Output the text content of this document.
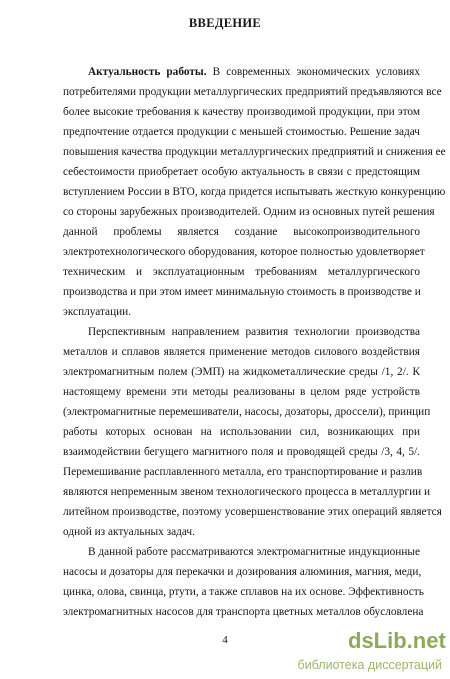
ВВЕДЕНИЕ
Актуальность работы. В современных экономических условиях
потребителями продукции металлургических предприятий предъявляются все
более высокие требования к качеству производимой продукции, при этом
предпочтение отдается продукции с меньшей стоимостью. Решение задач
повышения качества продукции металлургических предприятий и снижения ее
себестоимости приобретает особую актуальность в связи с предстоящим
вступлением России в ВТО, когда придется испытывать жесткую конкуренцию
со стороны зарубежных производителей. Одним из основных путей решения
данной проблемы является создание высокопроизводительного
электротехнологического оборудования, которое полностью удовлетворяет
техническим и эксплуатационным требованиям металлургического
производства и при этом имеет минимальную стоимость в производстве и
эксплуатации.
Перспективным направлением развития технологии производства
металлов и сплавов является применение методов силового воздействия
электромагнитным полем (ЭМП) на жидкометаллические среды /1, 2/. К
настоящему времени эти методы реализованы в целом ряде устройств
(электромагнитные перемешиватели, насосы, дозаторы, дроссели), принцип
работы которых основан на использовании сил, возникающих при
взаимодействии бегущего магнитного поля и проводящей среды /3, 4, 5/.
Перемешивание расплавленного металла, его транспортирование и разлив
являются непременным звеном технологического процесса в металлургии и
литейном производстве, поэтому усовершенствование этих операций является
одной из актуальных задач.
В данной работе рассматриваются электромагнитные индукционные
насосы и дозаторы для перекачки и дозирования алюминия, магния, меди,
цинка, олова, свинца, ртути, а также сплавов на их основе. Эффективность
электромагнитных насосов для транспорта цветных металлов обусловлена
4	dsLib.net
библиотека диссертаций
